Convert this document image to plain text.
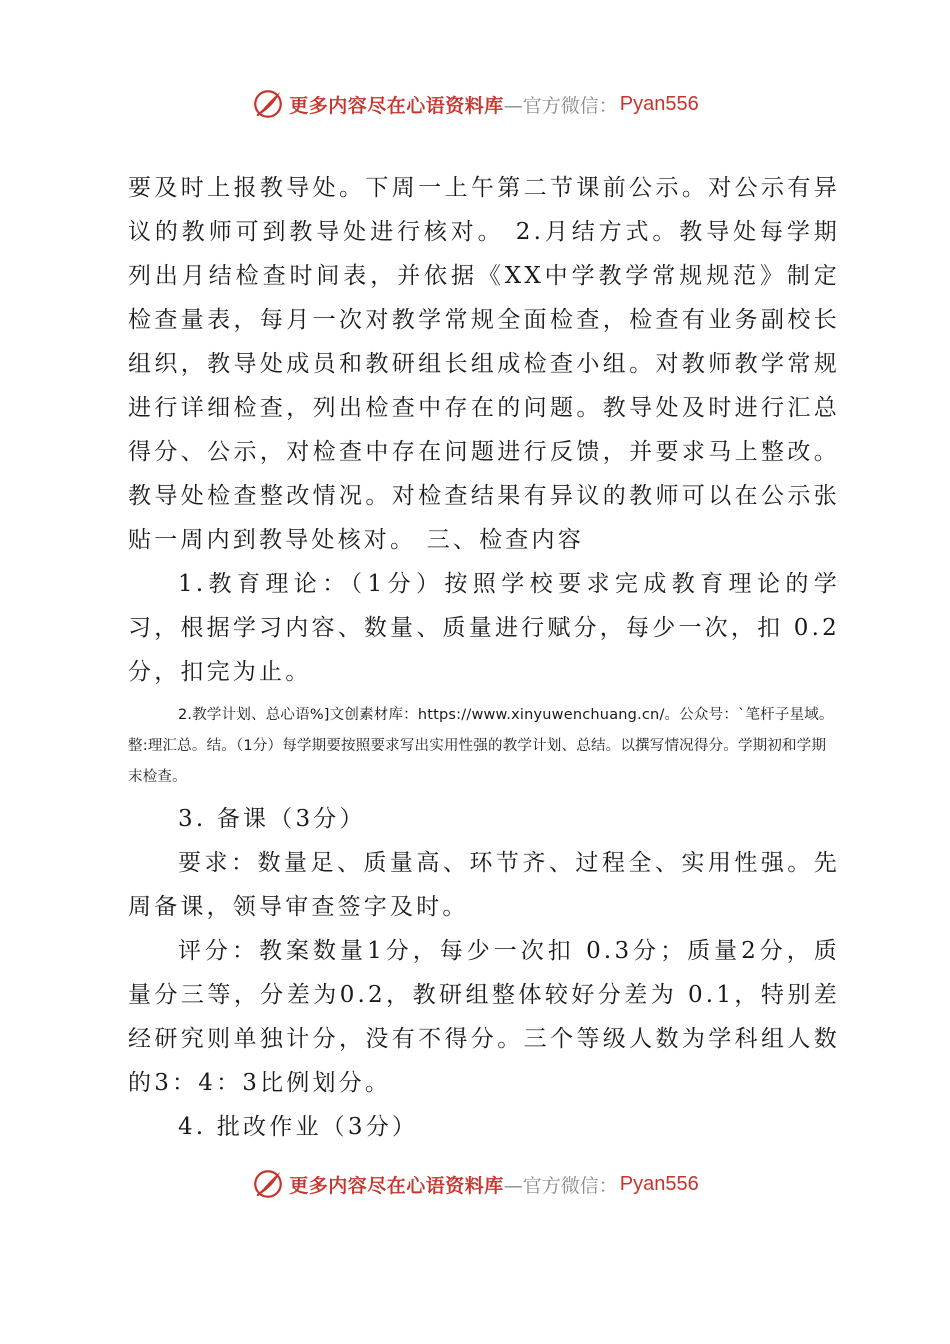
更多内容尽在心语资料库 —官方微信： Pyan556

要及时上报教导处。下周一上午第二节课前公示。对公示有异议的教师可到教导处进行核对。 2.月结方式。教导处每学期列出月结检查时间表，并依据《XX中学教学常规规范》制定检查量表，每月一次对教学常规全面检查，检查有业务副校长组织，教导处成员和教研组长组成检查小组。对教师教学常规进行详细检查，列出检查中存在的问题。教导处及时进行汇总得分、公示，对检查中存在问题进行反馈，并要求马上整改。教导处检查整改情况。对检查结果有异议的教师可以在公示张贴一周内到教导处核对。 三、检查内容

1.教育理论：（1分）按照学校要求完成教育理论的学习，根据学习内容、数量、质量进行赋分，每少一次，扣 0.2分，扣完为止。

2.教学计划、总心语%]文创素材库：https://www.xinyuwenchuang.cn/。公众号：`笔杆子星域。整:理汇总。结。（1分）每学期要按照要求写出实用性强的教学计划、总结。以撰写情况得分。学期初和学期末检查。

3. 备课（3分）

要求：数量足、质量高、环节齐、过程全、实用性强。先周备课，领导审查签字及时。

评分：教案数量1分，每少一次扣 0.3分；质量2分，质量分三等，分差为0.2，教研组整体较好分差为 0.1，特别差经研究则单独计分，没有不得分。三个等级人数为学科组人数的3：4：3比例划分。

4. 批改作业（3分）

更多内容尽在心语资料库 —官方微信： Pyan556
